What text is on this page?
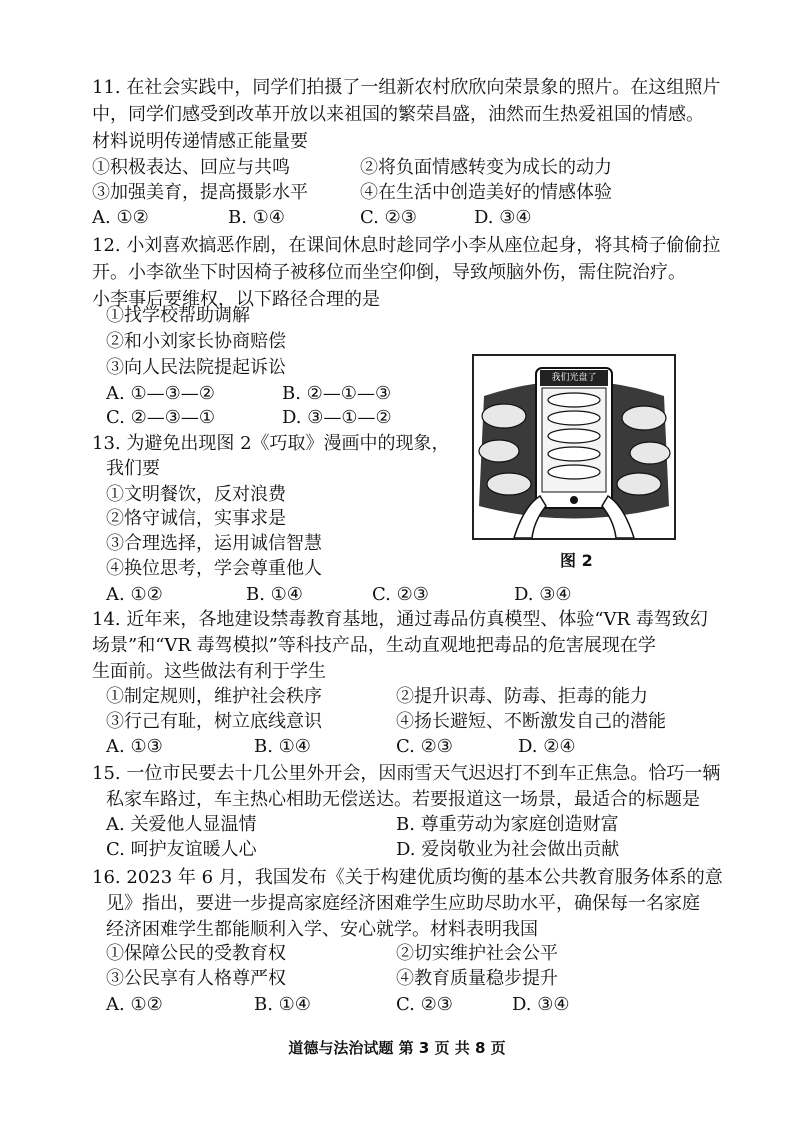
11. 在社会实践中，同学们拍摄了一组新农村欣欣向荣景象的照片。在这组照片
中，同学们感受到改革开放以来祖国的繁荣昌盛，油然而生热爱祖国的情感。
材料说明传递情感正能量要
①积极表达、回应与共鸣	②将负面情感转变为成长的动力
③加强美育，提高摄影水平	④在生活中创造美好的情感体验
A. ①②	B. ①④	C. ②③	D. ③④
12. 小刘喜欢搞恶作剧，在课间休息时趁同学小李从座位起身，将其椅子偷偷拉
开。小李欲坐下时因椅子被移位而坐空仰倒，导致颅脑外伤，需住院治疗。
小李事后要维权，以下路径合理的是
①找学校帮助调解
②和小刘家长协商赔偿
③向人民法院提起诉讼
A. ①—③—②	B. ②—①—③
C. ②—③—①	D. ③—①—②
13. 为避免出现图 2《巧取》漫画中的现象，
我们要
①文明餐饮，反对浪费
②恪守诚信，实事求是
③合理选择，运用诚信智慧
④换位思考，学会尊重他人
A. ①②	B. ①④	C. ②③	D. ③④
我们光盘了
图 2
14. 近年来，各地建设禁毒教育基地，通过毒品仿真模型、体验“VR 毒驾致幻
场景”和“VR 毒驾模拟”等科技产品，生动直观地把毒品的危害展现在学
生面前。这些做法有利于学生
①制定规则，维护社会秩序	②提升识毒、防毒、拒毒的能力
③行己有耻，树立底线意识	④扬长避短、不断激发自己的潜能
A. ①③	B. ①④	C. ②③	D. ②④
15. 一位市民要去十几公里外开会，因雨雪天气迟迟打不到车正焦急。恰巧一辆
私家车路过，车主热心相助无偿送达。若要报道这一场景，最适合的标题是
A. 关爱他人显温情	B. 尊重劳动为家庭创造财富
C. 呵护友谊暖人心	D. 爱岗敬业为社会做出贡献
16. 2023 年 6 月，我国发布《关于构建优质均衡的基本公共教育服务体系的意
见》指出，要进一步提高家庭经济困难学生应助尽助水平，确保每一名家庭
经济困难学生都能顺利入学、安心就学。材料表明我国
①保障公民的受教育权	②切实维护社会公平
③公民享有人格尊严权	④教育质量稳步提升
A. ①②	B. ①④	C. ②③	D. ③④
道德与法治试题 第 3 页 共 8 页
